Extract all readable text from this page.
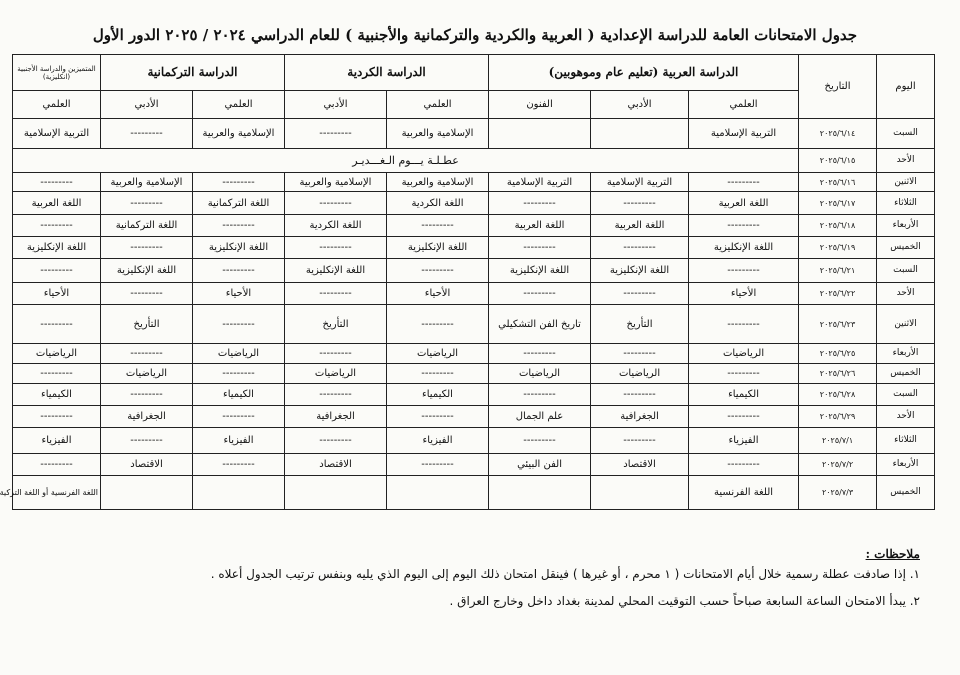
جدول الامتحانات العامة للدراسة الإعدادية ( العربية والكردية والتركمانية والأجنبية ) للعام الدراسي ٢٠٢٤ / ٢٠٢٥ الدور الأول
اليوم	التاريخ	الدراسة العربية (تعليم عام وموهوبين)			الدراسة الكردية		الدراسة التركمانية		المتميزين والدراسة الأجنبية (انكليزية)
		العلمي	الأدبي	الفنون	العلمي	الأدبي	العلمي	الأدبي	العلمي
السبت	٢٠٢٥/٦/١٤	التربية الإسلامية			الإسلامية والعربية	---------	الإسلامية والعربية	---------	التربية الإسلامية
الأحد	٢٠٢٥/٦/١٥	عطـلـة يـــوم الـغـــديـر							
الاثنين	٢٠٢٥/٦/١٦	---------	التربية الإسلامية	التربية الإسلامية	الإسلامية والعربية	الإسلامية والعربية	---------	الإسلامية والعربية	---------
الثلاثاء	٢٠٢٥/٦/١٧	اللغة العربية	---------	---------	اللغة الكردية	---------	اللغة التركمانية	---------	اللغة العربية
الأربعاء	٢٠٢٥/٦/١٨	---------	اللغة العربية	اللغة العربية	---------	اللغة الكردية	---------	اللغة التركمانية	---------
الخميس	٢٠٢٥/٦/١٩	اللغة الإنكليزية	---------	---------	اللغة الإنكليزية	---------	اللغة الإنكليزية	---------	اللغة الإنكليزية
السبت	٢٠٢٥/٦/٢١	---------	اللغة الإنكليزية	اللغة الإنكليزية	---------	اللغة الإنكليزية	---------	اللغة الإنكليزية	---------
الأحد	٢٠٢٥/٦/٢٢	الأحياء	---------	---------	الأحياء	---------	الأحياء	---------	الأحياء
الاثنين	٢٠٢٥/٦/٢٣	---------	التأريخ	تاريخ الفن التشكيلي	---------	التأريخ	---------	التأريخ	---------
الأربعاء	٢٠٢٥/٦/٢٥	الرياضيات	---------	---------	الرياضيات	---------	الرياضيات	---------	الرياضيات
الخميس	٢٠٢٥/٦/٢٦	---------	الرياضيات	الرياضيات	---------	الرياضيات	---------	الرياضيات	---------
السبت	٢٠٢٥/٦/٢٨	الكيمياء	---------	---------	الكيمياء	---------	الكيمياء	---------	الكيمياء
الأحد	٢٠٢٥/٦/٢٩	---------	الجغرافية	علم الجمال	---------	الجغرافية	---------	الجغرافية	---------
الثلاثاء	٢٠٢٥/٧/١	الفيزياء	---------	---------	الفيزياء	---------	الفيزياء	---------	الفيزياء
الأربعاء	٢٠٢٥/٧/٢	---------	الاقتصاد	الفن البيئي	---------	الاقتصاد	---------	الاقتصاد	---------
الخميس	٢٠٢٥/٧/٣	اللغة الفرنسية							اللغة الفرنسية أو اللغة التركية
ملاحظات :
١. إذا صادفت عطلة رسمية خلال أيام الامتحانات ( ١ محرم ، أو غيرها ) فينقل امتحان ذلك اليوم إلى اليوم الذي يليه وبنفس ترتيب الجدول أعلاه .
٢. يبدأ الامتحان الساعة السابعة صباحاً حسب التوقيت المحلي لمدينة بغداد داخل وخارج العراق .
